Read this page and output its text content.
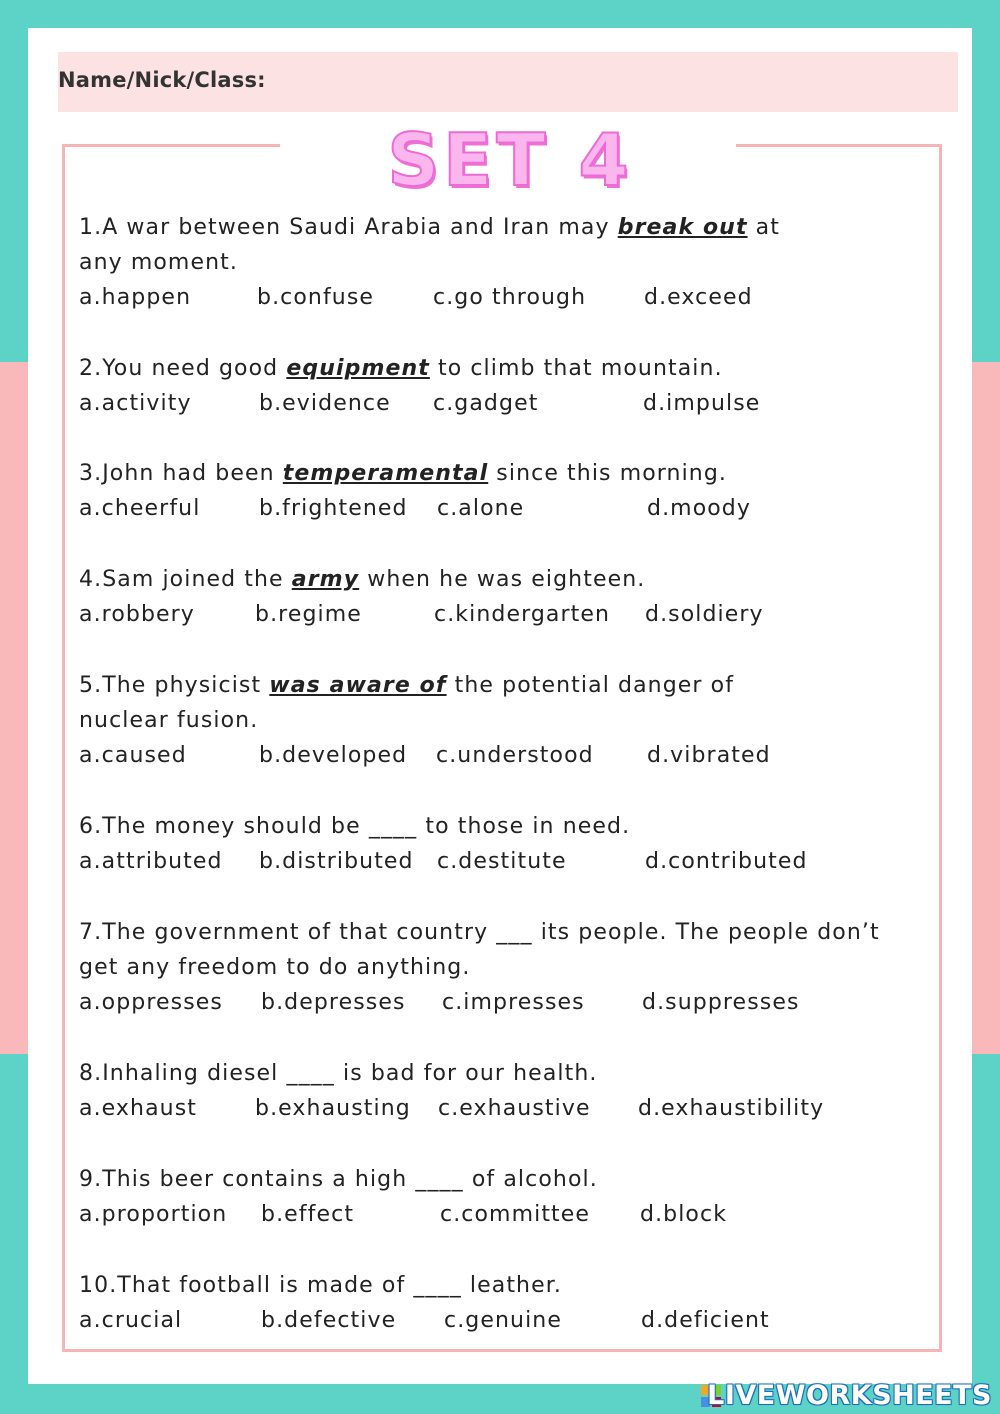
Name/Nick/Class:
SET 4
1.A war between Saudi Arabia and Iran may break out at
any moment.
a.happen	b.confuse	c.go through	d.exceed
2.You need good equipment to climb that mountain.
a.activity	b.evidence c.gadget	d.impulse
3.John had been temperamental since this morning.
a.cheerful	b.frightened c.alone	d.moody
4.Sam joined the army when he was eighteen.
a.robbery	b.regime	c.kindergarten d.soldiery
5.The physicist was aware of the potential danger of
nuclear fusion.
a.caused	b.developed c.understood d.vibrated
6.The money should be ____ to those in need.
a.attributed b.distributed c.destitute	d.contributed
7.The government of that country ___ its people. The people don’t
get any freedom to do anything.
a.oppresses b.depresses c.impresses	d.suppresses
8.Inhaling diesel ____ is bad for our health.
a.exhaust	b.exhausting c.exhaustive d.exhaustibility
9.This beer contains a high ____ of alcohol.
a.proportion b.effect	c.committee d.block
10.That football is made of ____ leather.
a.crucial	b.defective c.genuine	d.deficient
LIVEWORKSHEETS
